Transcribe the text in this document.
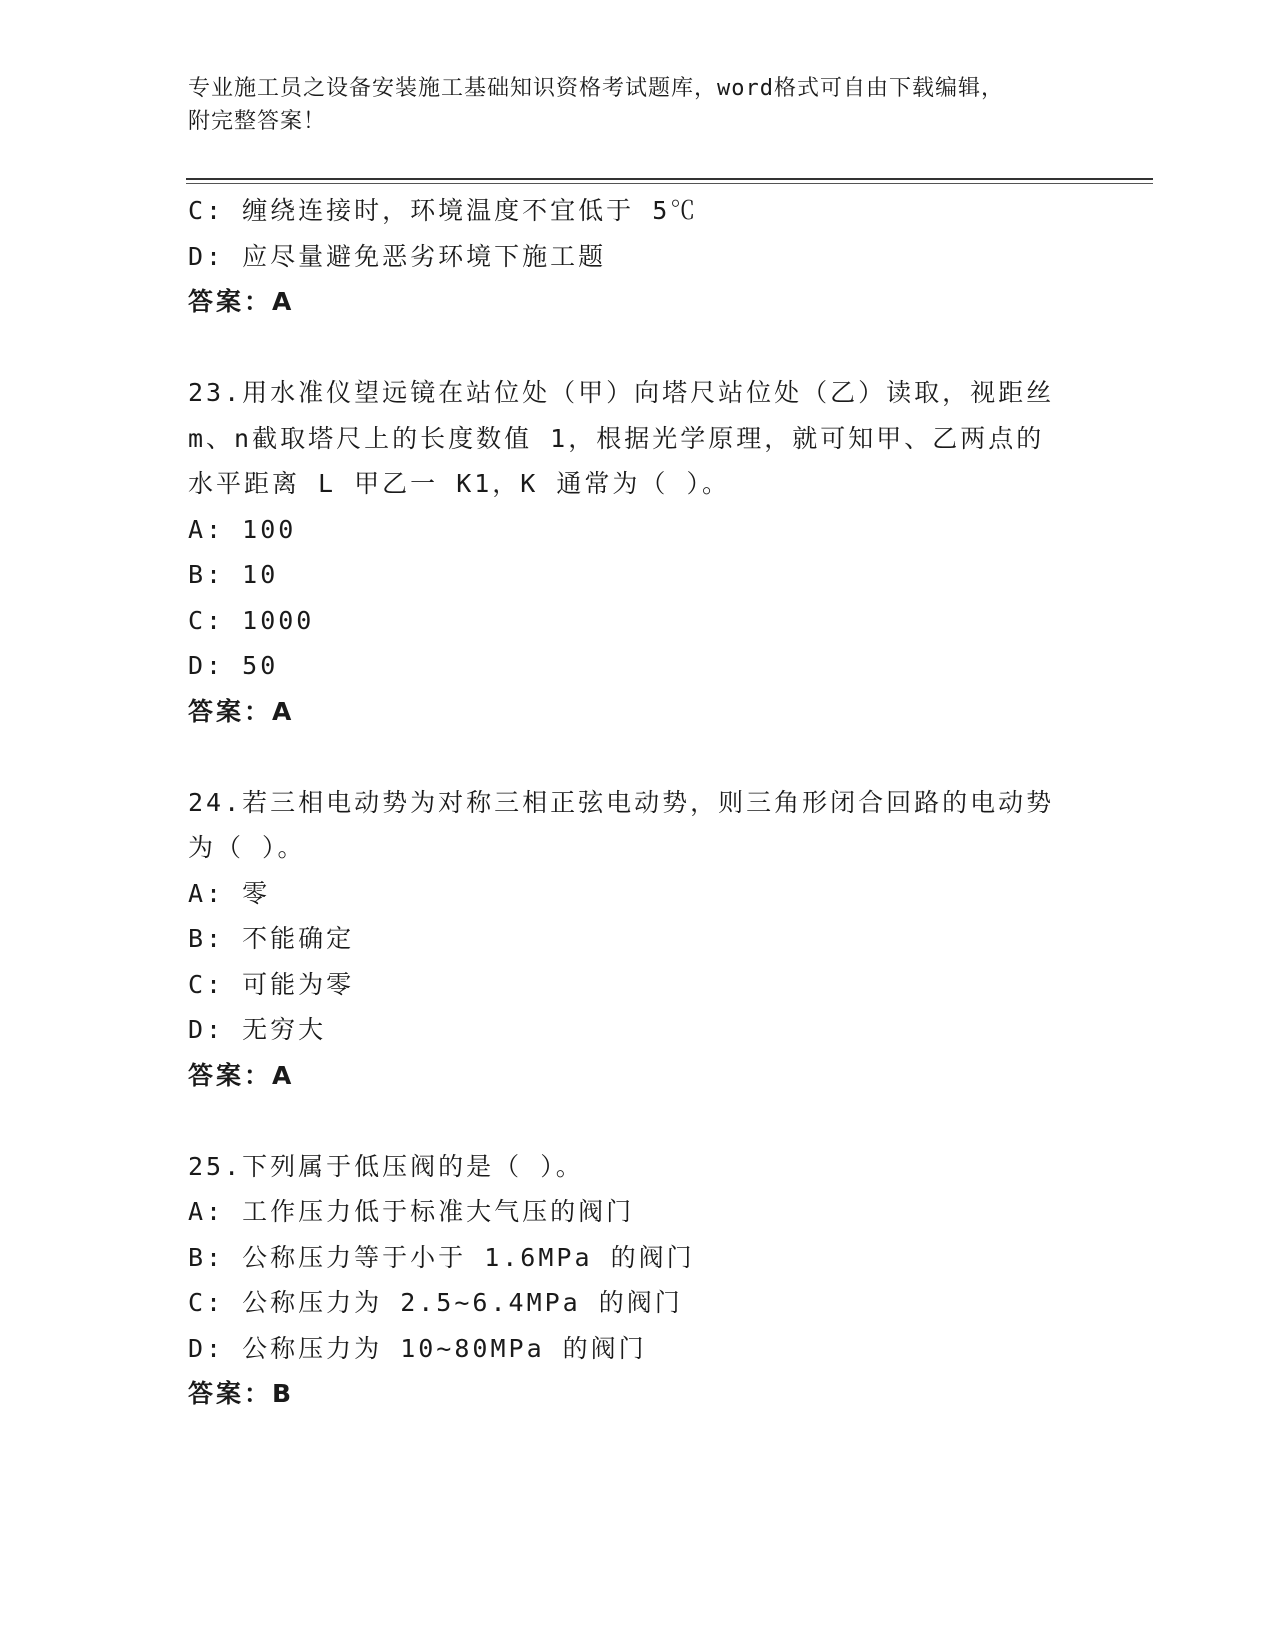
专业施工员之设备安装施工基础知识资格考试题库，word格式可自由下载编辑，
附完整答案！
C: 缠绕连接时，环境温度不宜低于 5℃
D: 应尽量避免恶劣环境下施工题
答案：A
23.用水准仪望远镜在站位处（甲）向塔尺站位处（乙）读取，视距丝
m、n截取塔尺上的长度数值 1，根据光学原理，就可知甲、乙两点的
水平距离 L 甲乙一 K1，K 通常为（ ）。
A: 100
B: 10
C: 1000
D: 50
答案：A
24.若三相电动势为对称三相正弦电动势，则三角形闭合回路的电动势
为（ ）。
A: 零
B: 不能确定
C: 可能为零
D: 无穷大
答案：A
25.下列属于低压阀的是（ ）。
A: 工作压力低于标准大气压的阀门
B: 公称压力等于小于 1.6MPa 的阀门
C: 公称压力为 2.5~6.4MPa 的阀门
D: 公称压力为 10~80MPa 的阀门
答案：B
